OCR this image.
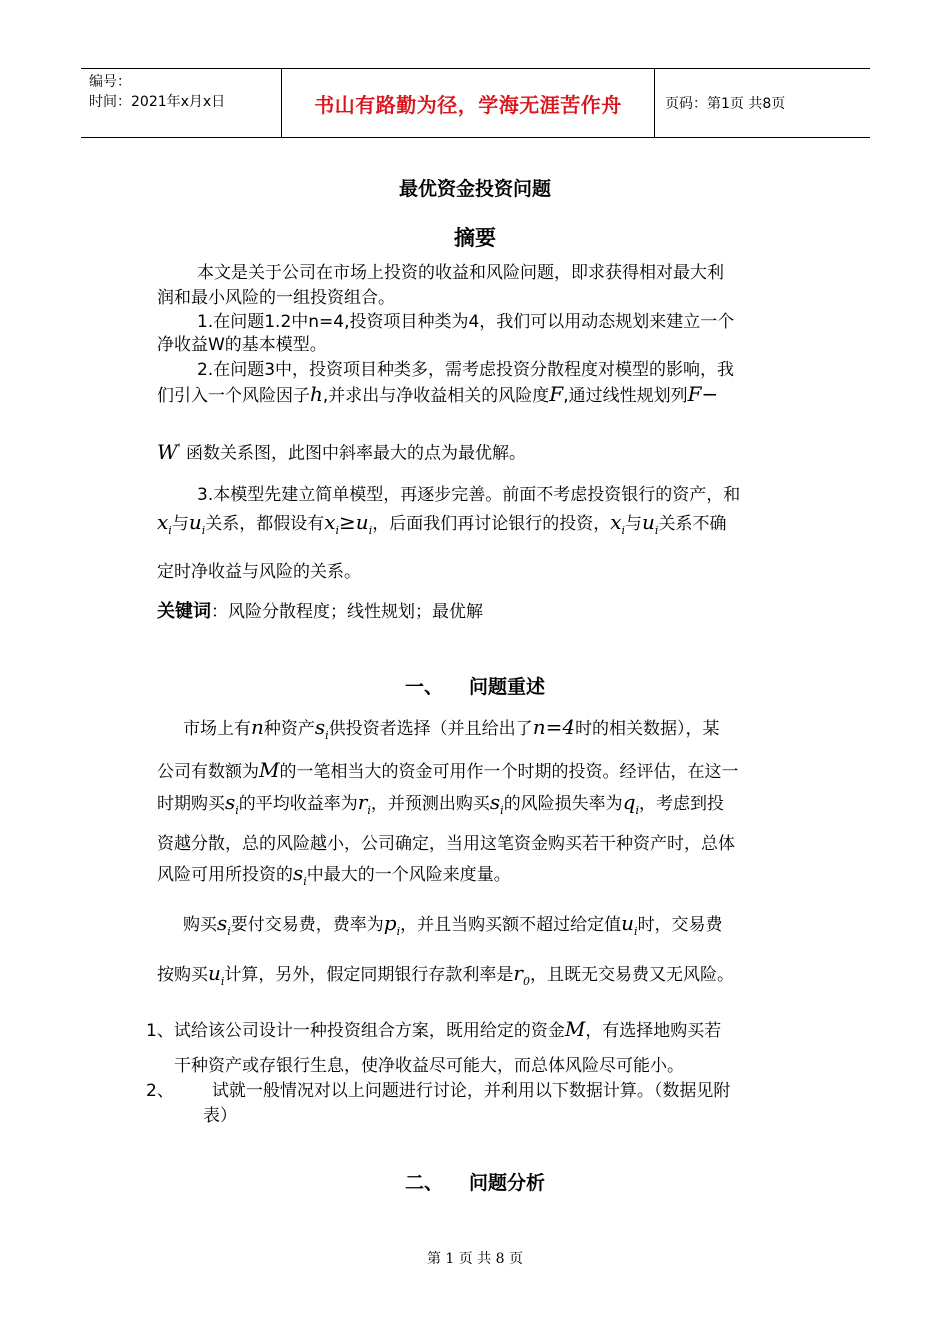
编号：
时间：2021年x月x日	书山有路勤为径，学海无涯苦作舟	页码：第1页 共8页
最优资金投资问题
摘要
本文是关于公司在市场上投资的收益和风险问题，即求获得相对最大利
润和最小风险的一组投资组合。
1.在问题1.2中n=4,投资项目种类为4，我们可以用动态规划来建立一个
净收益W的基本模型。
2.在问题3中，投资项目种类多，需考虑投资分散程度对模型的影响，我
们引入一个风险因子h,并求出与净收益相关的风险度F,通过线性规划列F−
W' 函数关系图，此图中斜率最大的点为最优解。
3.本模型先建立简单模型，再逐步完善。前面不考虑投资银行的资产，和
$x_i$与$u_i$关系，都假设有$x_i\ge u_i$，后面我们再讨论银行的投资，$x_i$与$u_i$关系不确
定时净收益与风险的关系。
关键词：风险分散程度；线性规划；最优解
一、 问题重述
市场上有n种资产$s_i$供投资者选择（并且给出了n=4时的相关数据），某
公司有数额为M的一笔相当大的资金可用作一个时期的投资。经评估，在这一
时期购买$s_i$的平均收益率为$r_i$，并预测出购买$s_i$的风险损失率为$q_i$，考虑到投
资越分散，总的风险越小，公司确定，当用这笔资金购买若干种资产时，总体
风险可用所投资的$s_i$中最大的一个风险来度量。
购买$s_i$要付交易费，费率为$p_i$，并且当购买额不超过给定值$u_i$时，交易费
按购买$u_i$计算，另外，假定同期银行存款利率是$r_0$，且既无交易费又无风险。
1、试给该公司设计一种投资组合方案，既用给定的资金M，有选择地购买若
干种资产或存银行生息，使净收益尽可能大，而总体风险尽可能小。
2、 试就一般情况对以上问题进行讨论，并利用以下数据计算。（数据见附
表）
二、 问题分析
第 1 页 共 8 页
